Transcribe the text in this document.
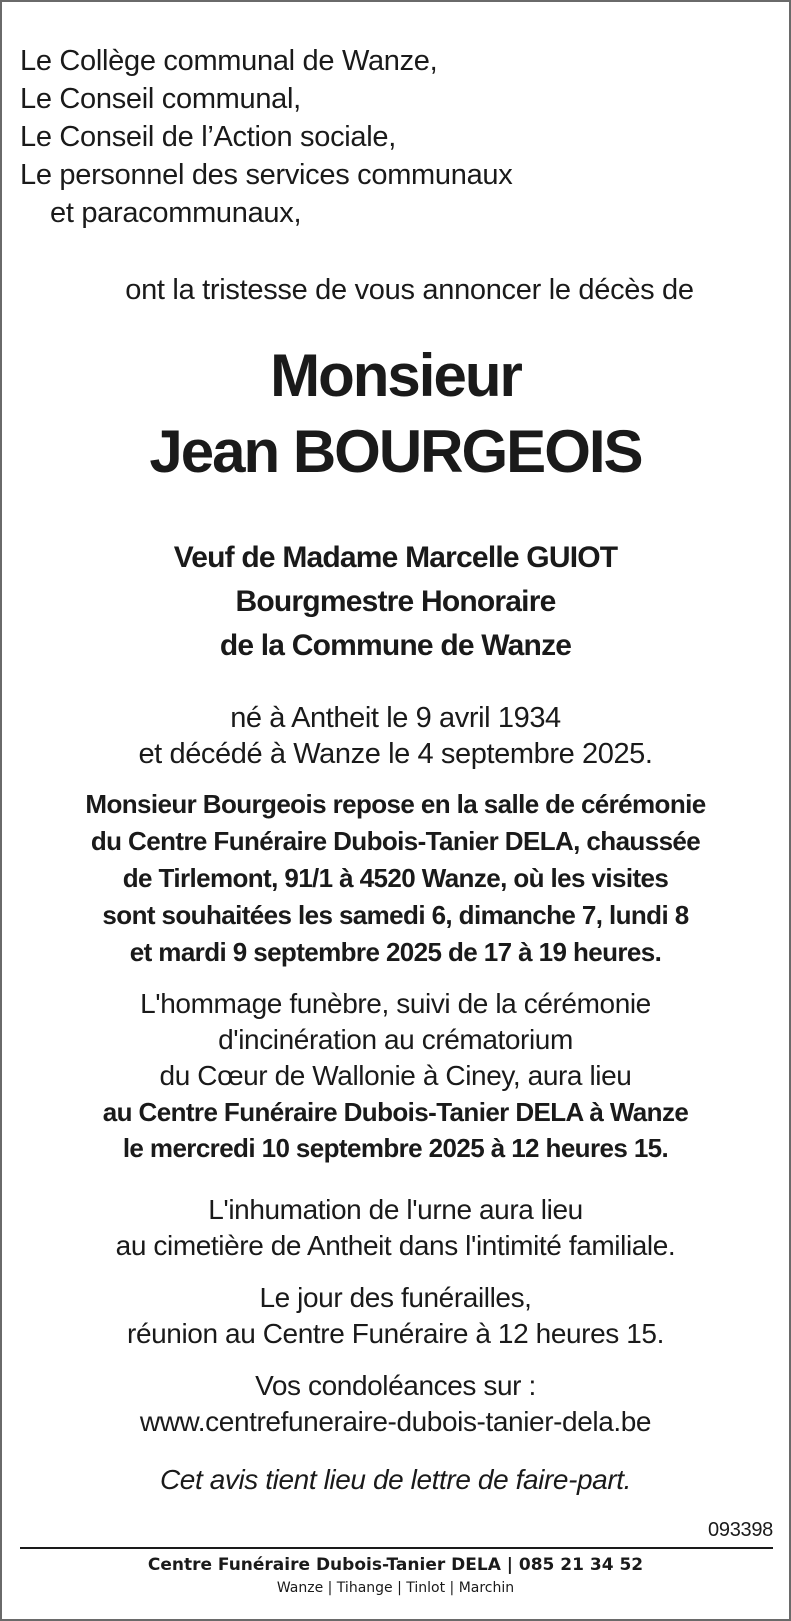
Le Collège communal de Wanze,
Le Conseil communal,
Le Conseil de l’Action sociale,
Le personnel des services communaux
et paracommunaux,
ont la tristesse de vous annoncer le décès de
Monsieur
Jean BOURGEOIS
Veuf de Madame Marcelle GUIOT
Bourgmestre Honoraire
de la Commune de Wanze
né à Antheit le 9 avril 1934
et décédé à Wanze le 4 septembre 2025.
Monsieur Bourgeois repose en la salle de cérémonie
du Centre Funéraire Dubois-Tanier DELA, chaussée
de Tirlemont, 91/1 à 4520 Wanze, où les visites
sont souhaitées les samedi 6, dimanche 7, lundi 8
et mardi 9 septembre 2025 de 17 à 19 heures.
L'hommage funèbre, suivi de la cérémonie
d'incinération au crématorium
du Cœur de Wallonie à Ciney, aura lieu
au Centre Funéraire Dubois-Tanier DELA à Wanze
le mercredi 10 septembre 2025 à 12 heures 15.
L'inhumation de l'urne aura lieu
au cimetière de Antheit dans l'intimité familiale.
Le jour des funérailles,
réunion au Centre Funéraire à 12 heures 15.
Vos condoléances sur :
www.centrefuneraire-dubois-tanier-dela.be
Cet avis tient lieu de lettre de faire-part.
093398
Centre Funéraire Dubois-Tanier DELA | 085 21 34 52
Wanze | Tihange | Tinlot | Marchin
